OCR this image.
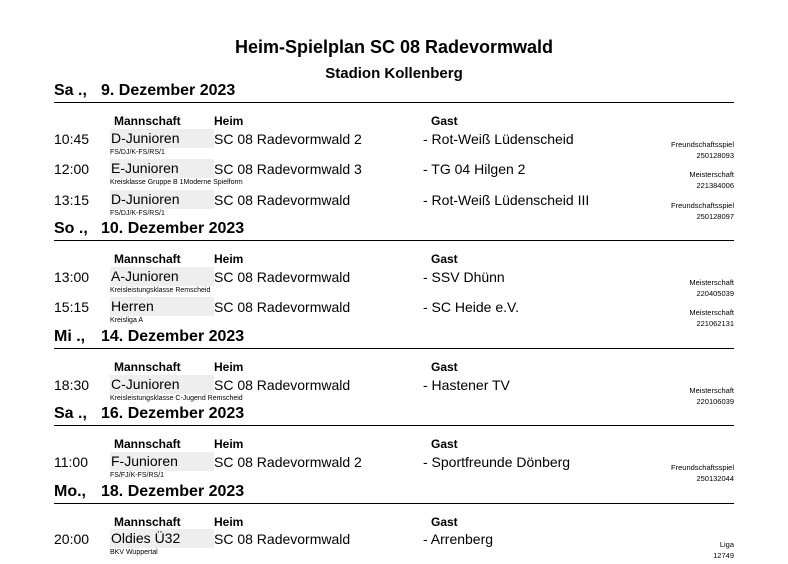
Heim-Spielplan SC 08 Radevormwald
Stadion Kollenberg
Sa ., 9. Dezember 2023
Mannschaft	Heim	Gast
10:45 D-Junioren	SC 08 Radevormwald 2	- Rot-Weiß Lüdenscheid
FS/DJ/K-FS/RS/1
Freundschaftsspiel
250128093
12:00 E-Junioren	SC 08 Radevormwald 3	- TG 04 Hilgen 2
Kreisklasse Gruppe B 1Moderne Spielform
Meisterschaft
221384006
13:15 D-Junioren	SC 08 Radevormwald	- Rot-Weiß Lüdenscheid III
FS/DJ/K-FS/RS/1
Freundschaftsspiel
250128097
So ., 10. Dezember 2023
Mannschaft	Heim	Gast
13:00 A-Junioren	SC 08 Radevormwald	- SSV Dhünn
Kreisleistungsklasse Remscheid
Meisterschaft
220405039
15:15 Herren	SC 08 Radevormwald	- SC Heide e.V.
Kreisliga A
Meisterschaft
221062131
Mi ., 14. Dezember 2023
Mannschaft	Heim	Gast
18:30 C-Junioren	SC 08 Radevormwald	- Hastener TV
Kreisleistungsklasse C-Jugend Remscheid
Meisterschaft
220106039
Sa ., 16. Dezember 2023
Mannschaft	Heim	Gast
11:00 F-Junioren	SC 08 Radevormwald 2	- Sportfreunde Dönberg
FS/FJ/K-FS/RS/1
Freundschaftsspiel
250132044
Mo., 18. Dezember 2023
Mannschaft	Heim	Gast
20:00 Oldies Ü32	SC 08 Radevormwald	- Arrenberg
BKV Wuppertal
Liga
12749
